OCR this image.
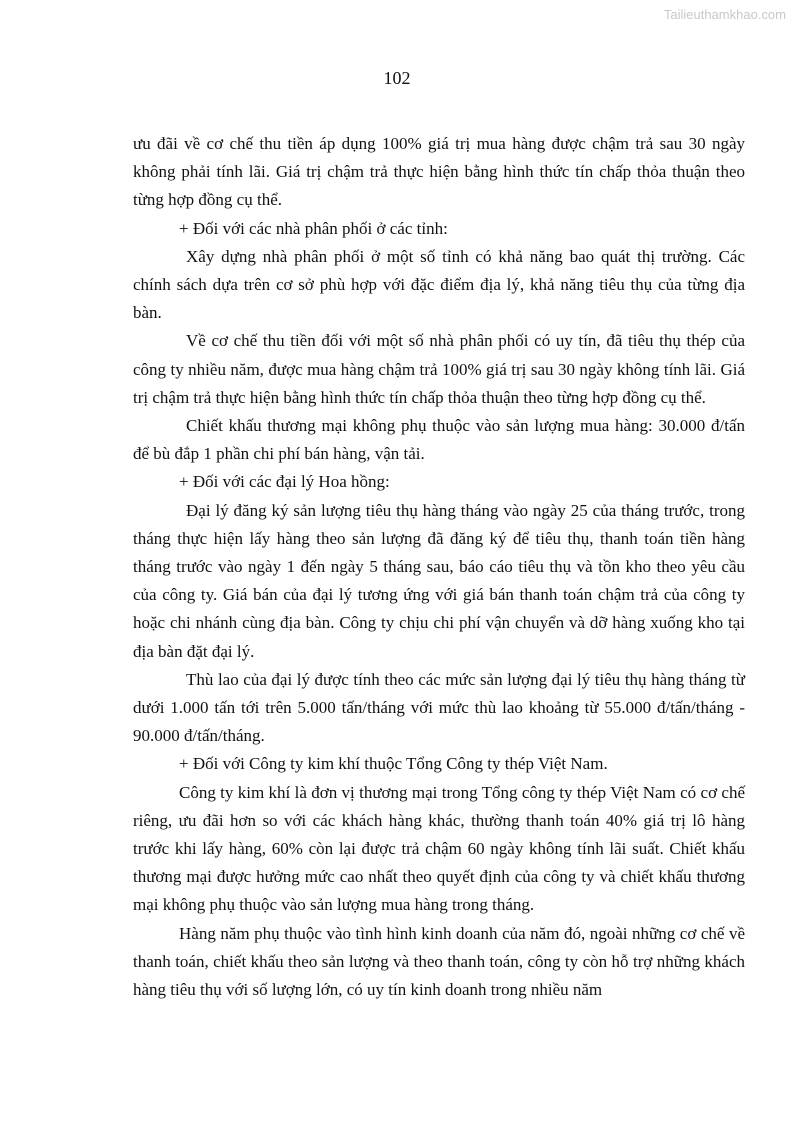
Tailieuthamkhao.com
102

ưu đãi về cơ chế thu tiền áp dụng 100% giá trị mua hàng được chậm trả sau 30 ngày không phải tính lãi. Giá trị chậm trả thực hiện bằng hình thức tín chấp thỏa thuận theo từng hợp đồng cụ thể.

+ Đối với các nhà phân phối ở các tỉnh:

Xây dựng nhà phân phối ở một số tỉnh có khả năng bao quát thị trường. Các chính sách dựa trên cơ sở phù hợp với đặc điểm địa lý, khả năng tiêu thụ của từng địa bàn.

Về cơ chế thu tiền đối với một số nhà phân phối có uy tín, đã tiêu thụ thép của công ty nhiều năm, được mua hàng chậm trả 100% giá trị sau 30 ngày không tính lãi. Giá trị chậm trả thực hiện bằng hình thức tín chấp thỏa thuận theo từng hợp đồng cụ thể.

Chiết khấu thương mại không phụ thuộc vào sản lượng mua hàng: 30.000 đ/tấn để bù đắp 1 phần chi phí bán hàng, vận tải.

+ Đối với các đại lý Hoa hồng:

Đại lý đăng ký sản lượng tiêu thụ hàng tháng vào ngày 25 của tháng trước, trong tháng thực hiện lấy hàng theo sản lượng đã đăng ký để tiêu thụ, thanh toán tiền hàng tháng trước vào ngày 1 đến ngày 5 tháng sau, báo cáo tiêu thụ và tồn kho theo yêu cầu của công ty. Giá bán của đại lý tương ứng với giá bán thanh toán chậm trả của công ty hoặc chi nhánh cùng địa bàn. Công ty chịu chi phí vận chuyển và dỡ hàng xuống kho tại địa bàn đặt đại lý.

Thù lao của đại lý được tính theo các mức sản lượng đại lý tiêu thụ hàng tháng từ dưới 1.000 tấn tới trên 5.000 tấn/tháng với mức thù lao khoảng từ 55.000 đ/tấn/tháng - 90.000 đ/tấn/tháng.

+ Đối với Công ty kim khí thuộc Tổng Công ty thép Việt Nam.

Công ty kim khí là đơn vị thương mại trong Tổng công ty thép Việt Nam có cơ chế riêng, ưu đãi hơn so với các khách hàng khác, thường thanh toán 40% giá trị lô hàng trước khi lấy hàng, 60% còn lại được trả chậm 60 ngày không tính lãi suất. Chiết khấu thương mại được hưởng mức cao nhất theo quyết định của công ty và chiết khấu thương mại không phụ thuộc vào sản lượng mua hàng trong tháng.

Hàng năm phụ thuộc vào tình hình kinh doanh của năm đó, ngoài những cơ chế về thanh toán, chiết khấu theo sản lượng và theo thanh toán, công ty còn hỗ trợ những khách hàng tiêu thụ với số lượng lớn, có uy tín kinh doanh trong nhiều năm
